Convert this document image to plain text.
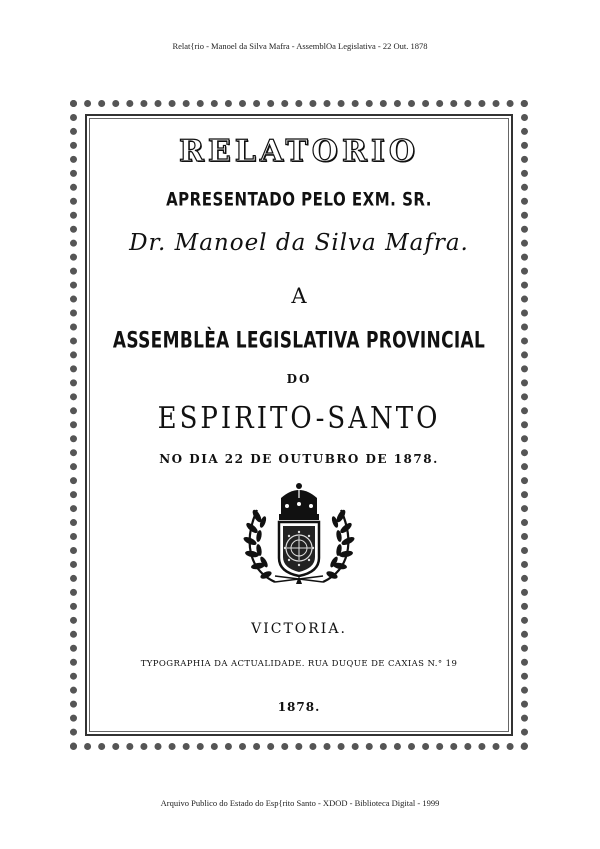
Relat{rio - Manoel da Silva Mafra - AssemblOa Legislativa - 22 Out. 1878
RELATORIO
APRESENTADO PELO EXM. SR.
Dr. Manoel da Silva Mafra.
A
ASSEMBLÈA LEGISLATIVA PROVINCIAL
DO
ESPIRITO-SANTO
NO DIA 22 DE OUTUBRO DE 1878.
VICTORIA.
TYPOGRAPHIA DA ACTUALIDADE. RUA DUQUE DE CAXIAS N.° 19
1878.
Arquivo Publico do Estado do Esp{rito Santo - XDOD - Biblioteca Digital - 1999
